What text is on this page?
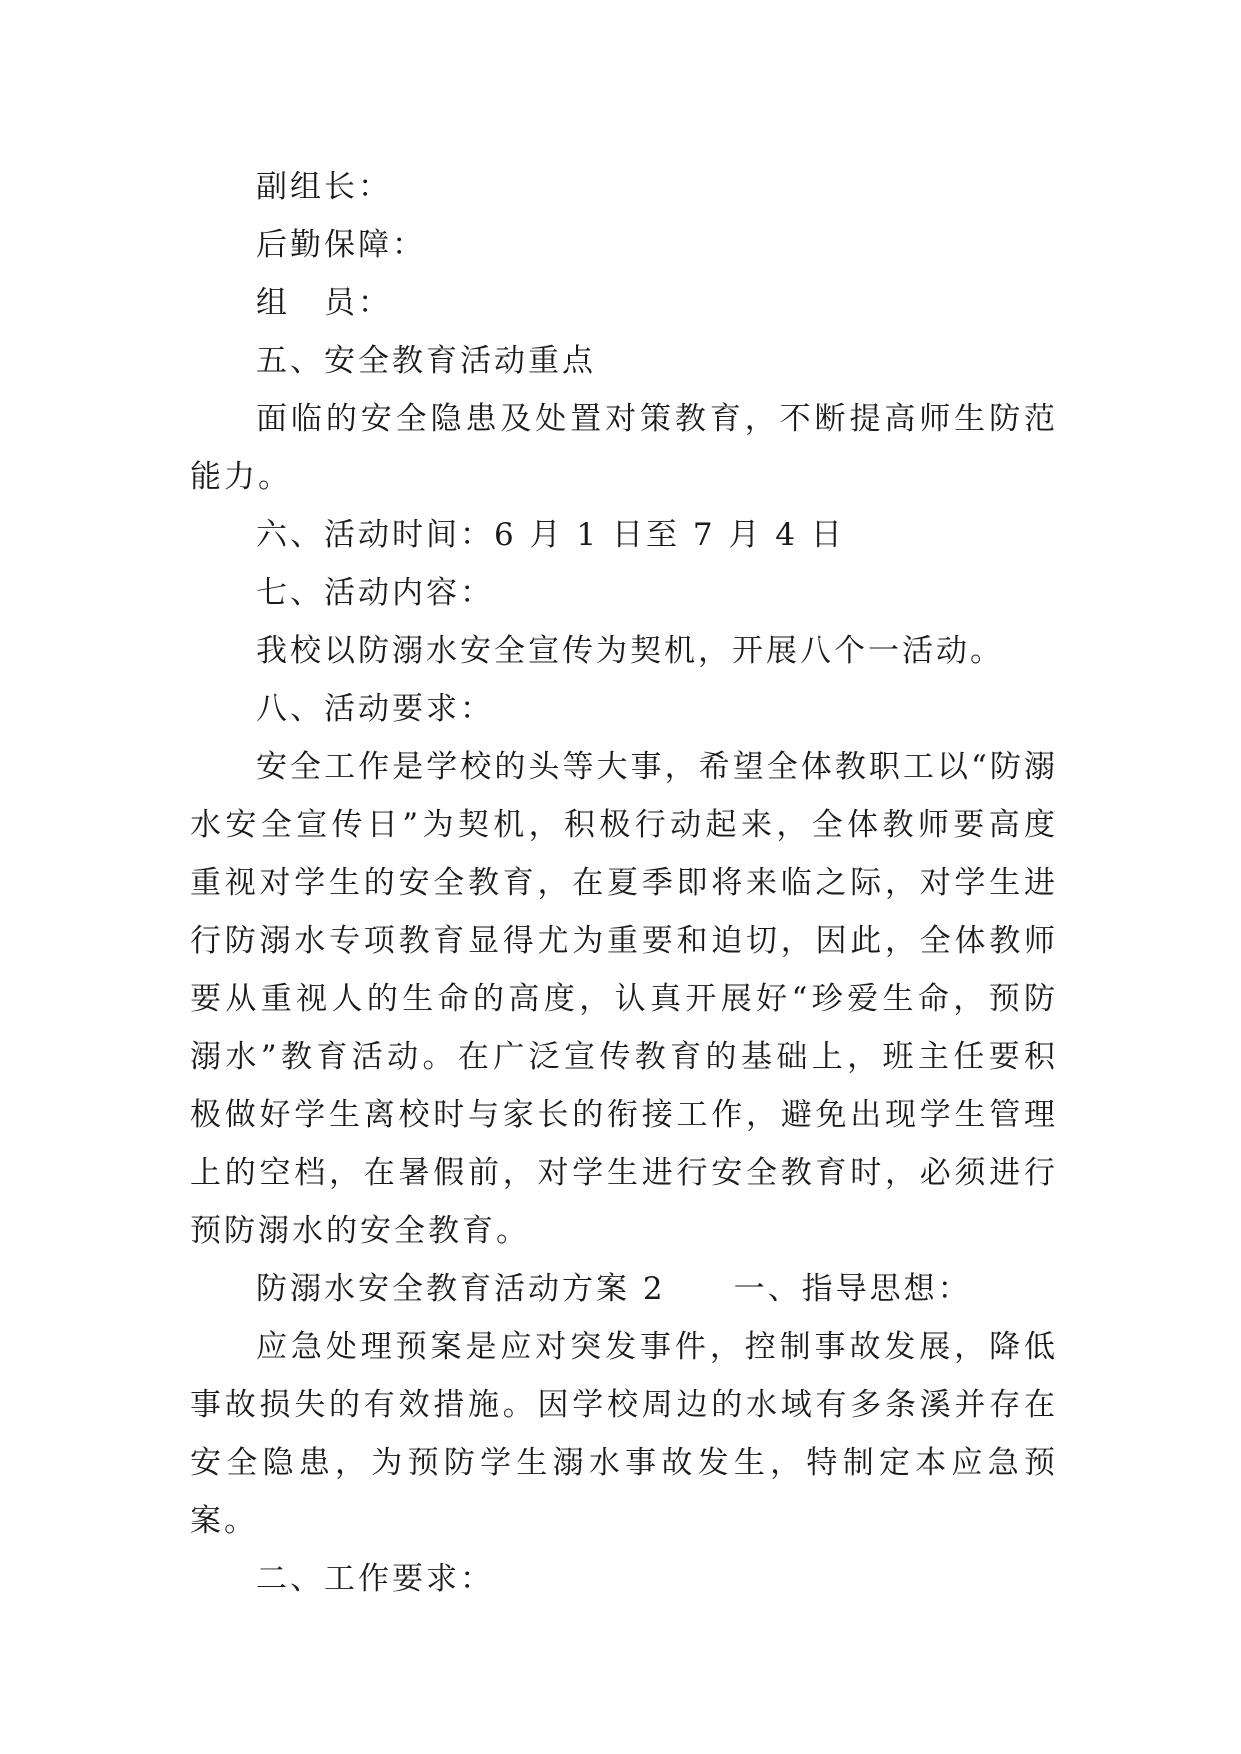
副组长：

后勤保障：

组　员：

五、安全教育活动重点

面临的安全隐患及处置对策教育，不断提高师生防范能力。

六、活动时间：6 月 1 日至 7 月 4 日

七、活动内容：

我校以防溺水安全宣传为契机，开展八个一活动。

八、活动要求：

安全工作是学校的头等大事，希望全体教职工以“防溺水安全宣传日”为契机，积极行动起来，全体教师要高度重视对学生的安全教育，在夏季即将来临之际，对学生进行防溺水专项教育显得尤为重要和迫切，因此，全体教师要从重视人的生命的高度，认真开展好“珍爱生命，预防溺水”教育活动。在广泛宣传教育的基础上，班主任要积极做好学生离校时与家长的衔接工作，避免出现学生管理上的空档，在暑假前，对学生进行安全教育时，必须进行预防溺水的安全教育。

防溺水安全教育活动方案 2　　一、指导思想：

应急处理预案是应对突发事件，控制事故发展，降低事故损失的有效措施。因学校周边的水域有多条溪并存在安全隐患，为预防学生溺水事故发生，特制定本应急预案。

二、工作要求：
